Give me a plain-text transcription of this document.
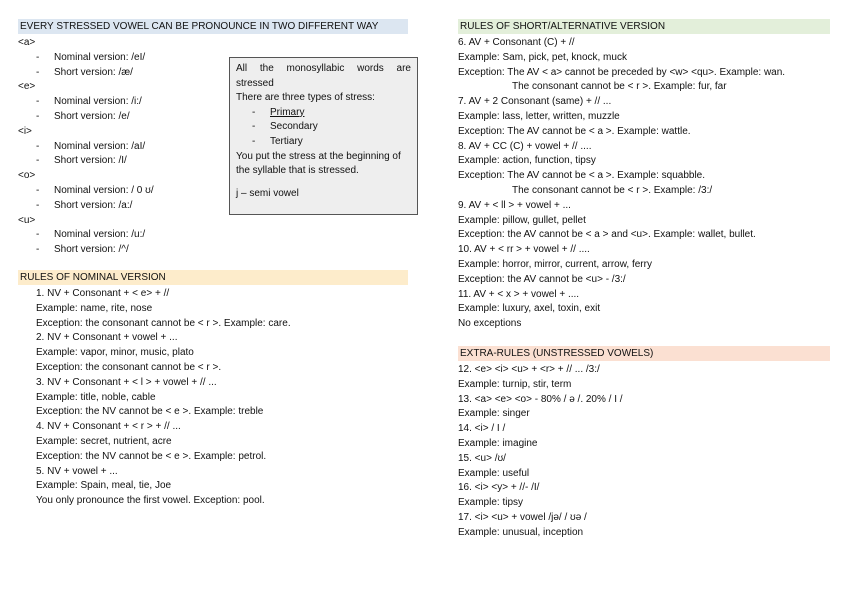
EVERY STRESSED VOWEL CAN BE PRONOUNCE IN TWO DIFFERENT WAY
<a>
- Nominal version: /eI/
- Short version: /æ/
<e>
- Nominal version: /i:/
- Short version: /e/
<i>
- Nominal version: /aI/
- Short version: /I/
<o>
- Nominal version: / 0 ʊ/
- Short version: /a:/
<u>
- Nominal version: /u:/
- Short version: /^/
RULES OF NOMINAL VERSION
1. NV + Consonant + < e> + //
Example: name, rite, nose
Exception: the consonant cannot be < r >. Example: care.
2. NV + Consonant + vowel + ...
Example: vapor, minor, music, plato
Exception: the consonant cannot be < r >.
3. NV + Consonant + < l > + vowel + // ...
Example: title, noble, cable
Exception: the NV cannot be < e >. Example: treble
4. NV + Consonant + < r > + // ...
Example: secret, nutrient, acre
Exception: the NV cannot be < e >. Example: petrol.
5. NV + vowel + ...
Example: Spain, meal, tie, Joe
You only pronounce the first vowel. Exception: pool.
All the monosyllabic words are
stressed
There are three types of stress:
- Primary
- Secondary
- Tertiary
You put the stress at the beginning of
the syllable that is stressed.
j – semi vowel
RULES OF SHORT/ALTERNATIVE VERSION
6. AV + Consonant (C) + //
Example: Sam, pick, pet, knock, muck
Exception: The AV < a> cannot be preceded by <w> <qu>. Example: wan.
The consonant cannot be < r >. Example: fur, far
7. AV + 2 Consonant (same) + // ...
Example: lass, letter, written, muzzle
Exception: The AV cannot be < a >. Example: wattle.
8. AV + CC (C) + vowel + // ....
Example: action, function, tipsy
Exception: The AV cannot be < a >. Example: squabble.
The consonant cannot be < r >. Example: /3:/
9. AV + < ll > + vowel + ...
Example: pillow, gullet, pellet
Exception: the AV cannot be < a > and <u>. Example: wallet, bullet.
10. AV + < rr > + vowel + // ....
Example: horror, mirror, current, arrow, ferry
Exception: the AV cannot be <u> - /3:/
11. AV + < x > + vowel + ....
Example: luxury, axel, toxin, exit
No exceptions
EXTRA-RULES (UNSTRESSED VOWELS)
12. <e> <i> <u> + <r> + // ... /3:/
Example: turnip, stir, term
13. <a> <e> <o> - 80% / ə /. 20% / I /
Example: singer
14. <i> / I /
Example: imagine
15. <u> /ʊ/
Example: useful
16. <i> <y> + //- /I/
Example: tipsy
17. <i> <u> + vowel /jə/ / ʊə /
Example: unusual, inception
